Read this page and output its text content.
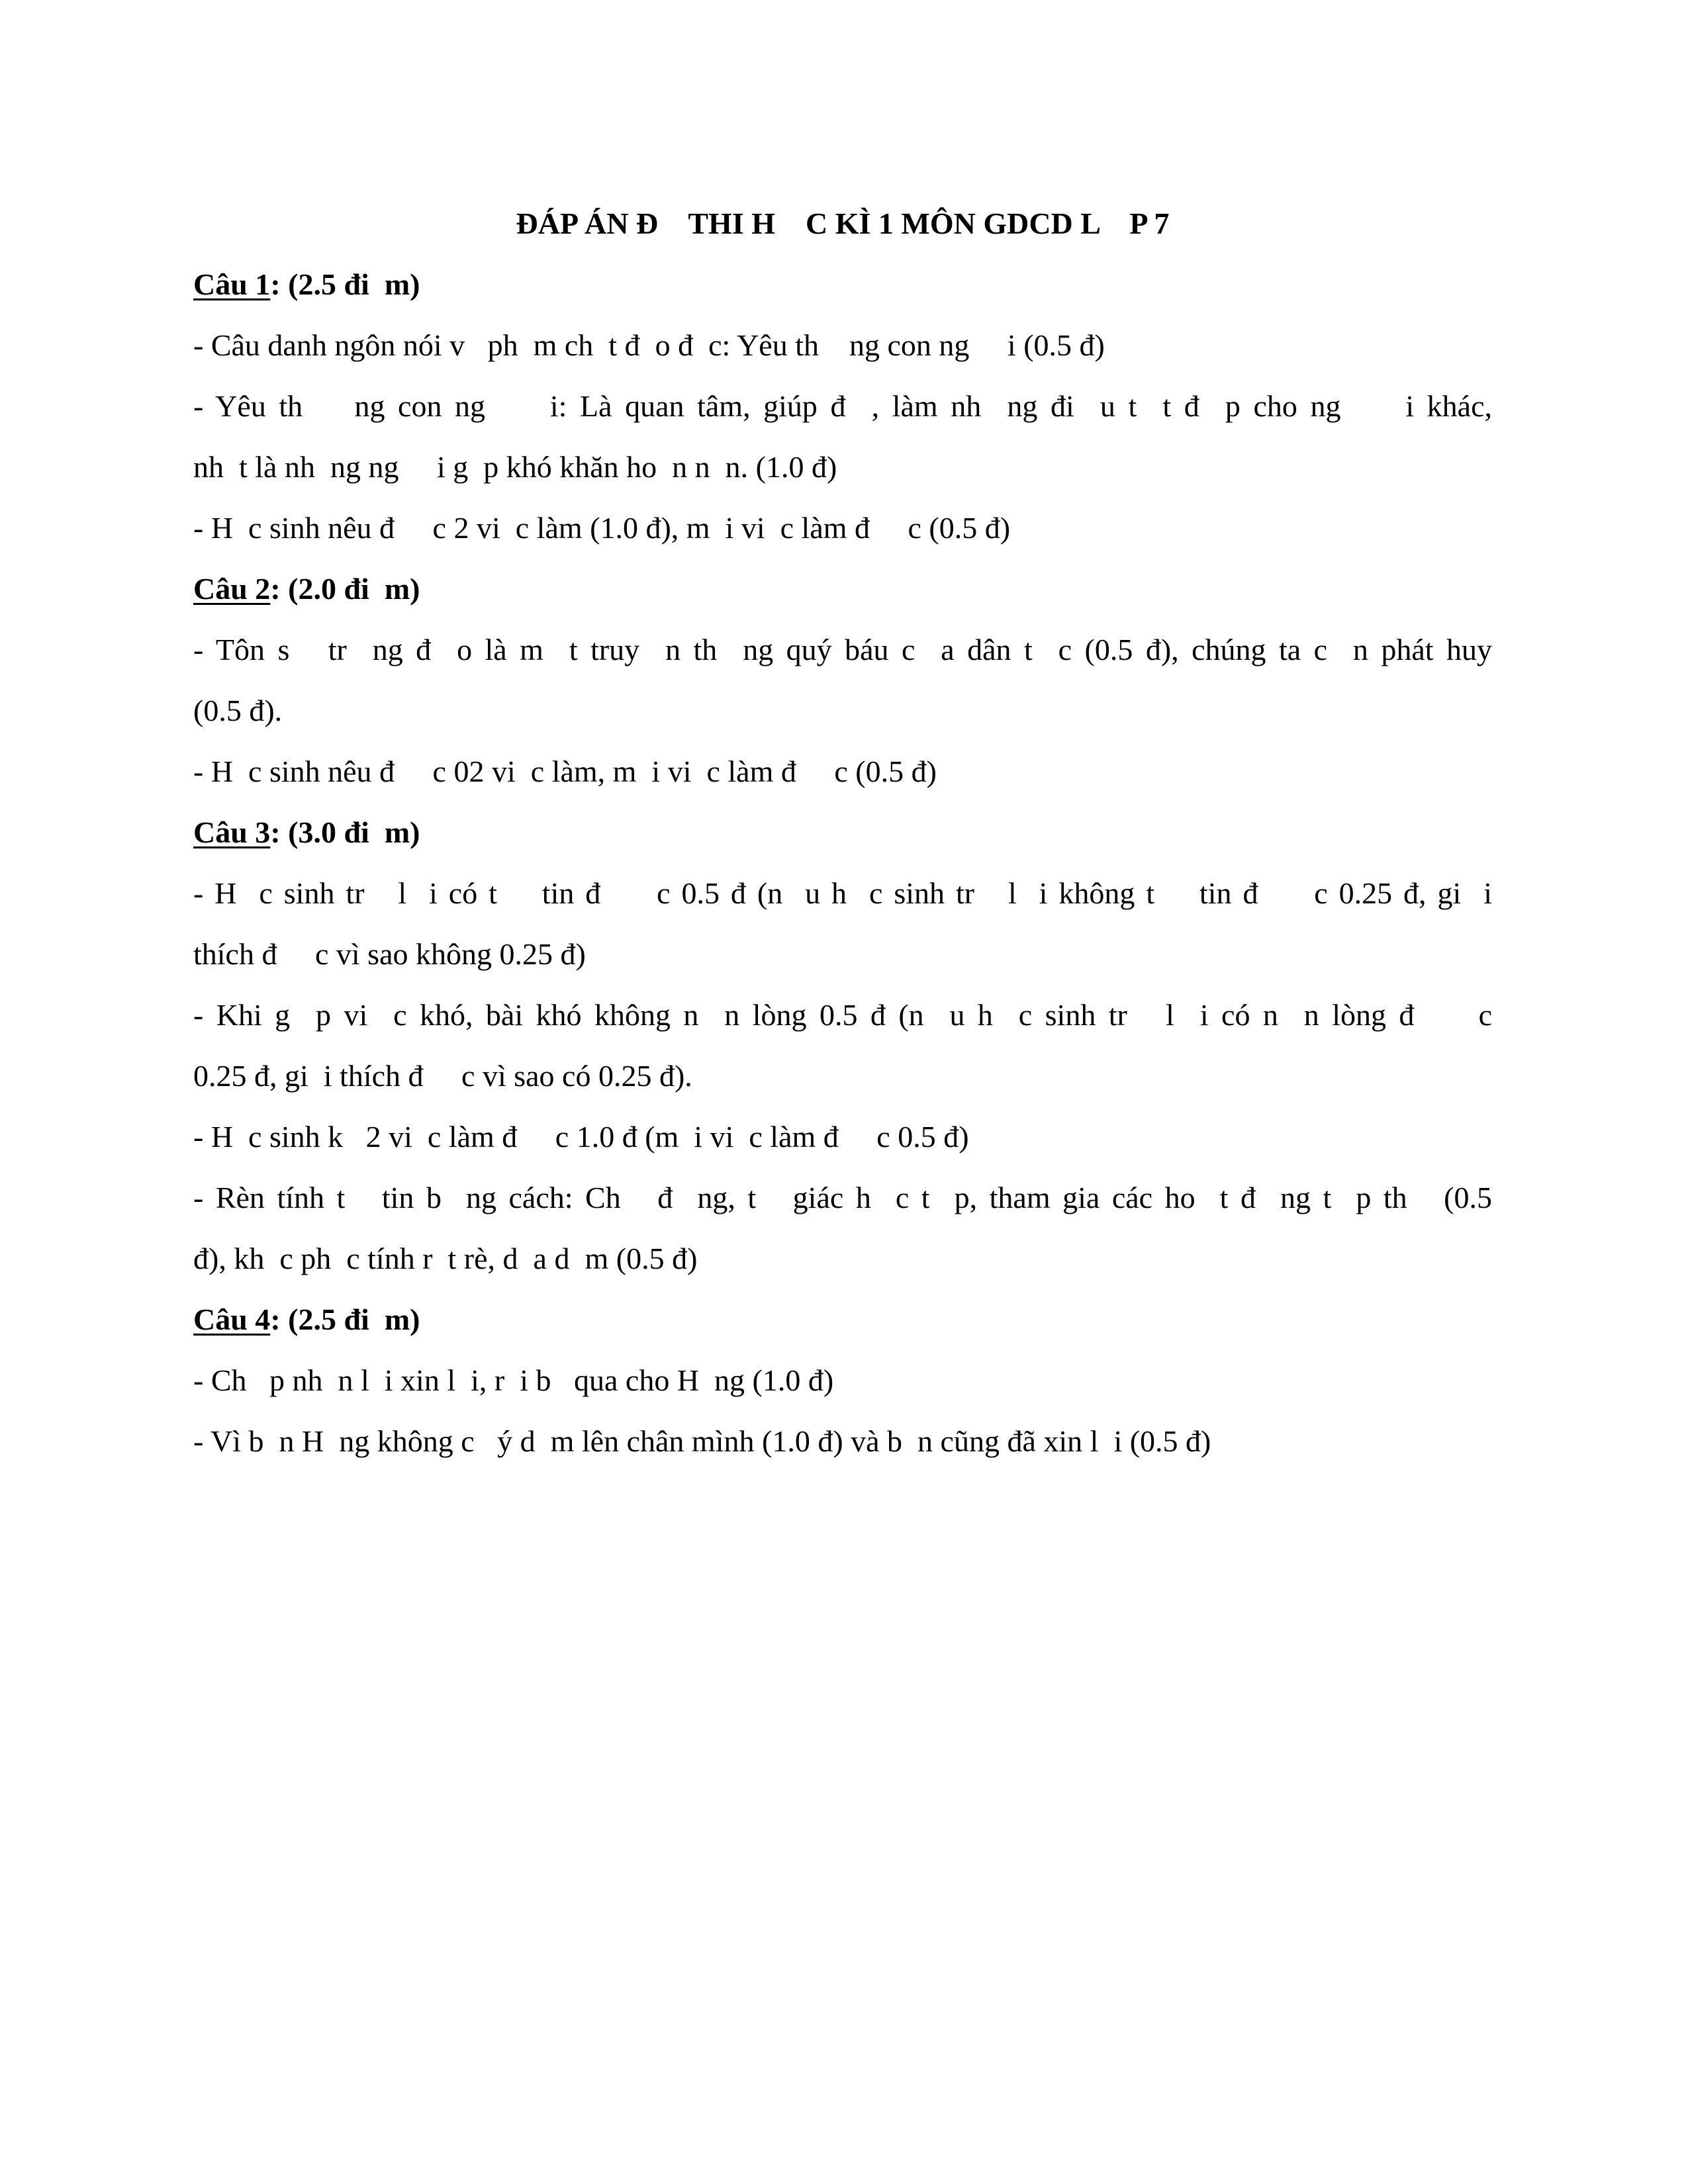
ĐÁP ÁN Đ    THI H    C KÌ 1 MÔN GDCD L    P 7

Câu 1: (2.5 đi  m)

- Câu danh ngôn nói v   ph  m ch  t đ  o đ  c: Yêu th    ng con ng     i (0.5 đ)

- Yêu th    ng con ng     i: Là quan tâm, giúp đ  , làm nh  ng đi  u t  t đ  p cho ng     i khác,

nh  t là nh  ng ng     i g  p khó khăn ho  n n  n. (1.0 đ)

- H  c sinh nêu đ     c 2 vi  c làm (1.0 đ), m  i vi  c làm đ     c (0.5 đ)

Câu 2: (2.0 đi  m)

- Tôn s   tr  ng đ  o là m  t truy  n th  ng quý báu c  a dân t  c (0.5 đ), chúng ta c  n phát huy

(0.5 đ).

- H  c sinh nêu đ     c 02 vi  c làm, m  i vi  c làm đ     c (0.5 đ)

Câu 3: (3.0 đi  m)

- H  c sinh tr   l  i có t    tin đ     c 0.5 đ (n  u h  c sinh tr   l  i không t    tin đ     c 0.25 đ, gi  i

thích đ     c vì sao không 0.25 đ)

- Khi g  p vi  c khó, bài khó không n  n lòng 0.5 đ (n  u h  c sinh tr   l  i có n  n lòng đ     c

0.25 đ, gi  i thích đ     c vì sao có 0.25 đ).

- H  c sinh k   2 vi  c làm đ     c 1.0 đ (m  i vi  c làm đ     c 0.5 đ)

- Rèn tính t   tin b  ng cách: Ch   đ  ng, t   giác h  c t  p, tham gia các ho  t đ  ng t  p th   (0.5

đ), kh  c ph  c tính r  t rè, d  a d  m (0.5 đ)

Câu 4: (2.5 đi  m)

- Ch   p nh  n l  i xin l  i, r  i b   qua cho H  ng (1.0 đ)

- Vì b  n H  ng không c   ý d  m lên chân mình (1.0 đ) và b  n cũng đã xin l  i (0.5 đ)
